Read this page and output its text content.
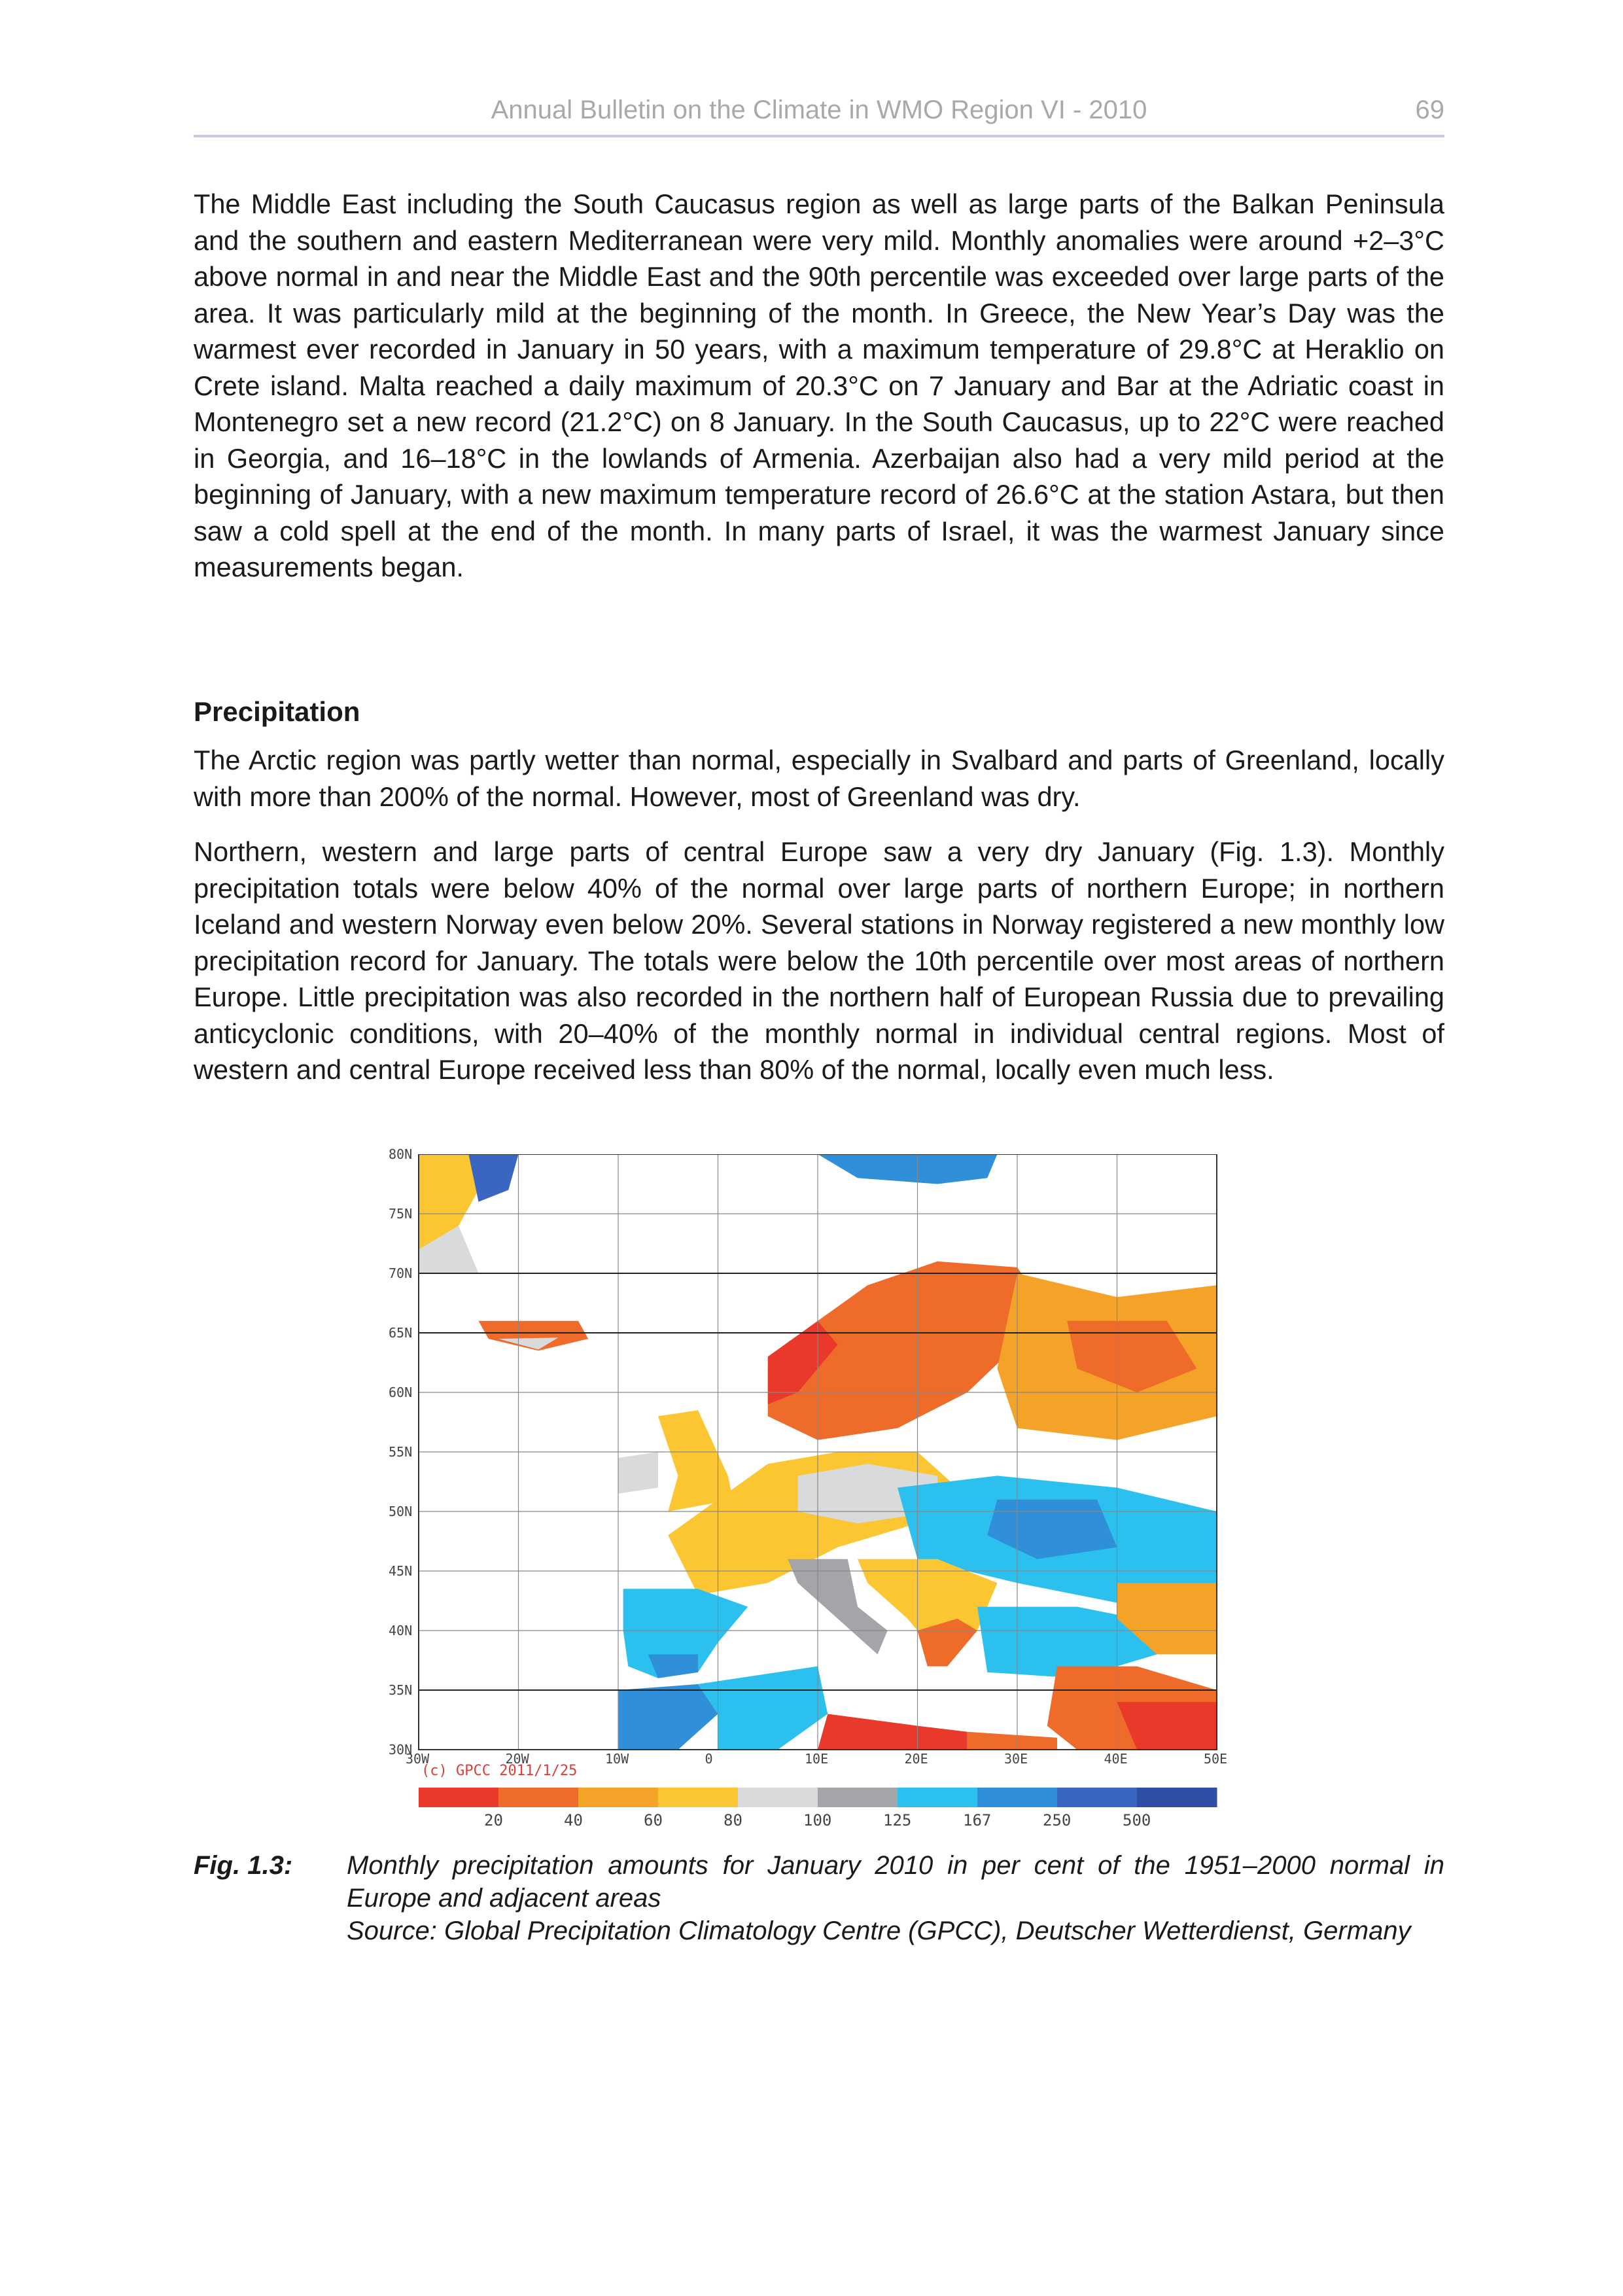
Annual Bulletin on the Climate in WMO Region VI - 2010	69

The Middle East including the South Caucasus region as well as large parts of the Balkan Peninsula and the southern and eastern Mediterranean were very mild. Monthly anomalies were around +2–3°C above normal in and near the Middle East and the 90th percentile was exceeded over large parts of the area. It was particularly mild at the beginning of the month. In Greece, the New Year’s Day was the warmest ever recorded in January in 50 years, with a maximum temperature of 29.8°C at Heraklio on Crete island. Malta reached a daily maximum of 20.3°C on 7 January and Bar at the Adriatic coast in Montenegro set a new record (21.2°C) on 8 January. In the South Caucasus, up to 22°C were reached in Georgia, and 16–18°C in the lowlands of Armenia. Azerbaijan also had a very mild period at the beginning of January, with a new maximum temperature record of 26.6°C at the station Astara, but then saw a cold spell at the end of the month. In many parts of Israel, it was the warmest January since measurements began.

Precipitation

The Arctic region was partly wetter than normal, especially in Svalbard and parts of Greenland, locally with more than 200% of the normal. However, most of Greenland was dry.

Northern, western and large parts of central Europe saw a very dry January (Fig. 1.3). Monthly precipitation totals were below 40% of the normal over large parts of northern Europe; in northern Iceland and western Norway even below 20%. Several stations in Norway registered a new monthly low precipitation record for January. The totals were below the 10th percentile over most areas of northern Europe. Little precipitation was also recorded in the northern half of European Russia due to prevailing anticyclonic conditions, with 20–40% of the monthly normal in individual central regions. Most of western and central Europe received less than 80% of the normal, locally even much less.

80N
75N
70N
65N
60N
55N
50N
45N
40N
35N
30N
30W	20W	10W	0	10E	20E	30E	40E	50E
(c) GPCC 2011/1/25
20	40	60	80	100	125	167	250	500
Fig. 1.3: Monthly precipitation amounts for January 2010 in per cent of the 1951–2000 normal in Europe and adjacent areas
Source: Global Precipitation Climatology Centre (GPCC), Deutscher Wetterdienst, Germany
